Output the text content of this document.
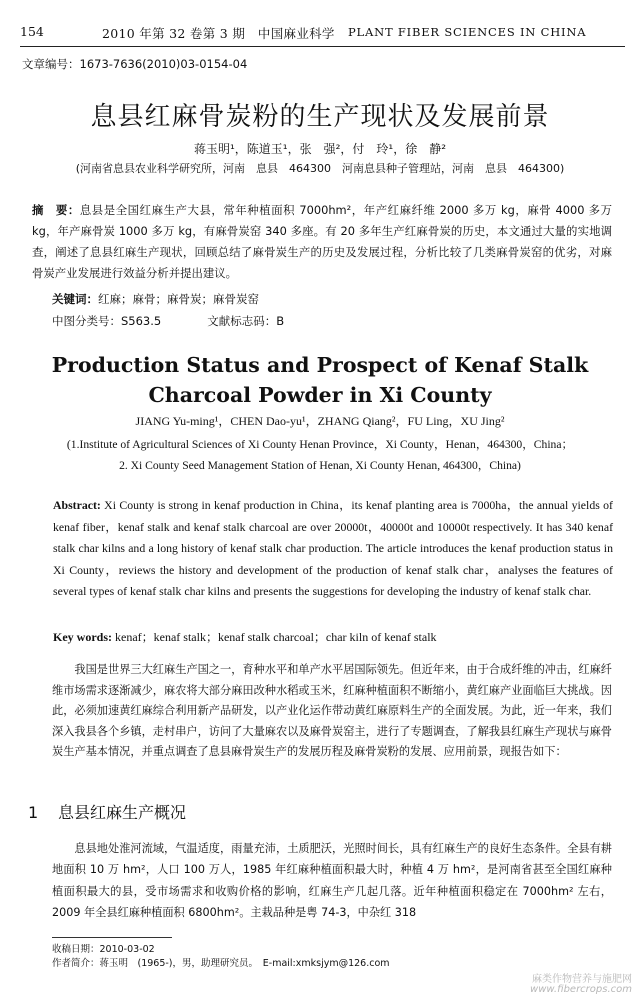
154	2010 年第 32 卷第 3 期　中国麻业科学 PLANT FIBER SCIENCES IN CHINA
文章编号：1673-7636(2010)03-0154-04
息县红麻骨炭粉的生产现状及发展前景
蒋玉明¹，陈道玉¹，张　强²，付　玲¹，徐　静²
(河南省息县农业科学研究所，河南　息县　464300　河南息县种子管理站，河南　息县　464300)
摘　要：息县是全国红麻生产大县，常年种植面积 7000hm²，年产红麻纤维 2000 多万 kg，麻骨 4000 多万 kg，年产麻骨炭 1000 多万 kg，有麻骨炭窑 340 多座。有 20 多年生产红麻骨炭的历史，本文通过大量的实地调查，阐述了息县红麻生产现状，回顾总结了麻骨炭生产的历史及发展过程，分析比较了几类麻骨炭窑的优劣，对麻骨炭产业发展进行效益分析并提出建议。
关键词：红麻；麻骨；麻骨炭；麻骨炭窑
中图分类号：S563.5	文献标志码：B
Production Status and Prospect of Kenaf Stalk Charcoal Powder in Xi County
JIANG Yu-ming¹，CHEN Dao-yu¹，ZHANG Qiang²，FU Ling，XU Jing²
(1.Institute of Agricultural Sciences of Xi County Henan Province，Xi County，Henan，464300，China；
2. Xi County Seed Management Station of Henan, Xi County Henan, 464300，China)
Abstract: Xi County is strong in kenaf production in China，its kenaf planting area is 7000ha，the annual yields of kenaf fiber，kenaf stalk and kenaf stalk charcoal are over 20000t，40000t and 10000t respectively. It has 340 kenaf stalk char kilns and a long history of kenaf stalk char production. The article introduces the kenaf production status in Xi County，reviews the history and development of the production of kenaf stalk char，analyses the features of several types of kenaf stalk char kilns and presents the suggestions for developing the industry of kenaf stalk char.
Key words: kenaf；kenaf stalk；kenaf stalk charcoal；char kiln of kenaf stalk
我国是世界三大红麻生产国之一，育种水平和单产水平居国际领先。但近年来，由于合成纤维的冲击，红麻纤维市场需求逐渐减少，麻农将大部分麻田改种水稻或玉米，红麻种植面积不断缩小，黄红麻产业面临巨大挑战。因此，必须加速黄红麻综合利用新产品研发，以产业化运作带动黄红麻原料生产的全面发展。为此，近一年来，我们深入我县各个乡镇，走村串户，访问了大量麻农以及麻骨炭窑主，进行了专题调查，了解我县红麻生产现状与麻骨炭生产基本情况，并重点调查了息县麻骨炭生产的发展历程及麻骨炭粉的发展、应用前景，现报告如下：
1 息县红麻生产概况
息县地处淮河流域，气温适度，雨量充沛，土质肥沃，光照时间长，具有红麻生产的良好生态条件。全县有耕地面积 10 万 hm²，人口 100 万人，1985 年红麻种植面积最大时，种植 4 万 hm²，是河南省甚至全国红麻种植面积最大的县，受市场需求和收购价格的影响，红麻生产几起几落。近年种植面积稳定在 7000hm² 左右，2009 年全县红麻种植面积 6800hm²。主栽品种是粤 74-3，中杂红 318
收稿日期：2010-03-02
作者简介：蒋玉明　(1965-)，男，助理研究员。　E-mail:xmksjym@126.com
麻类作物营养与施肥网
www.fibercrops.com
